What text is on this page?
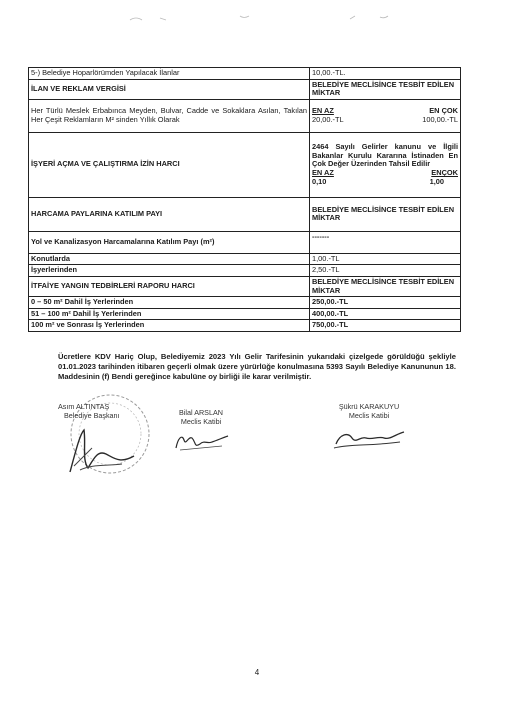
5-) Belediye Hoparlörümden Yapılacak İlanlar	10,00.-TL.
İLAN VE REKLAM VERGİSİ	BELEDİYE MECLİSİNCE TESBİT EDİLEN MİKTAR
Her Türlü Meslek Erbabınca Meyden, Bulvar, Cadde ve Sokaklara Asılan, Takılan Her Çeşit Reklamların M² sinden Yıllık Olarak	EN AZ EN ÇOK
20,00.-TL 100,00.-TL

İŞYERİ AÇMA VE ÇALIŞTIRMA İZİN HARCI	2464 Sayılı Gelirler kanunu ve İlgili Bakanlar Kurulu Kararına İstinaden En Çok Değer Üzerinden Tahsil Edilir
EN AZ ENÇOK
0,10 1,00

HARCAMA PAYLARINA KATILIM PAYI	BELEDİYE MECLİSİNCE TESBİT EDİLEN MİKTAR
Yol ve Kanalizasyon Harcamalarına Katılım Payı (m²)	-------
Konutlarda	1,00.-TL
İşyerlerinden	2,50.-TL
İTFAİYE YANGIN TEDBİRLERİ RAPORU HARCI	BELEDİYE MECLİSİNCE TESBİT EDİLEN MİKTAR
0 – 50 m² Dahil İş Yerlerinden	250,00.-TL
51 – 100 m² Dahil İş Yerlerinden	400,00.-TL
100 m² ve Sonrası İş Yerlerinden	750,00.-TL

Ücretlere KDV Hariç Olup, Belediyemiz 2023 Yılı Gelir Tarifesinin yukarıdaki çizelgede görüldüğü şekliyle 01.01.2023 tarihinden itibaren geçerli olmak üzere yürürlüğe konulmasına 5393 Sayılı Belediye Kanununun 18. Maddesinin (f) Bendi gereğince kabulüne oy birliği ile karar verilmiştir.

Asım ALTINTAŞ
Belediye Başkanı	Bilal ARSLAN
Meclis Katibi
Şükrü KARAKUYU
Meclis Katibi
4
